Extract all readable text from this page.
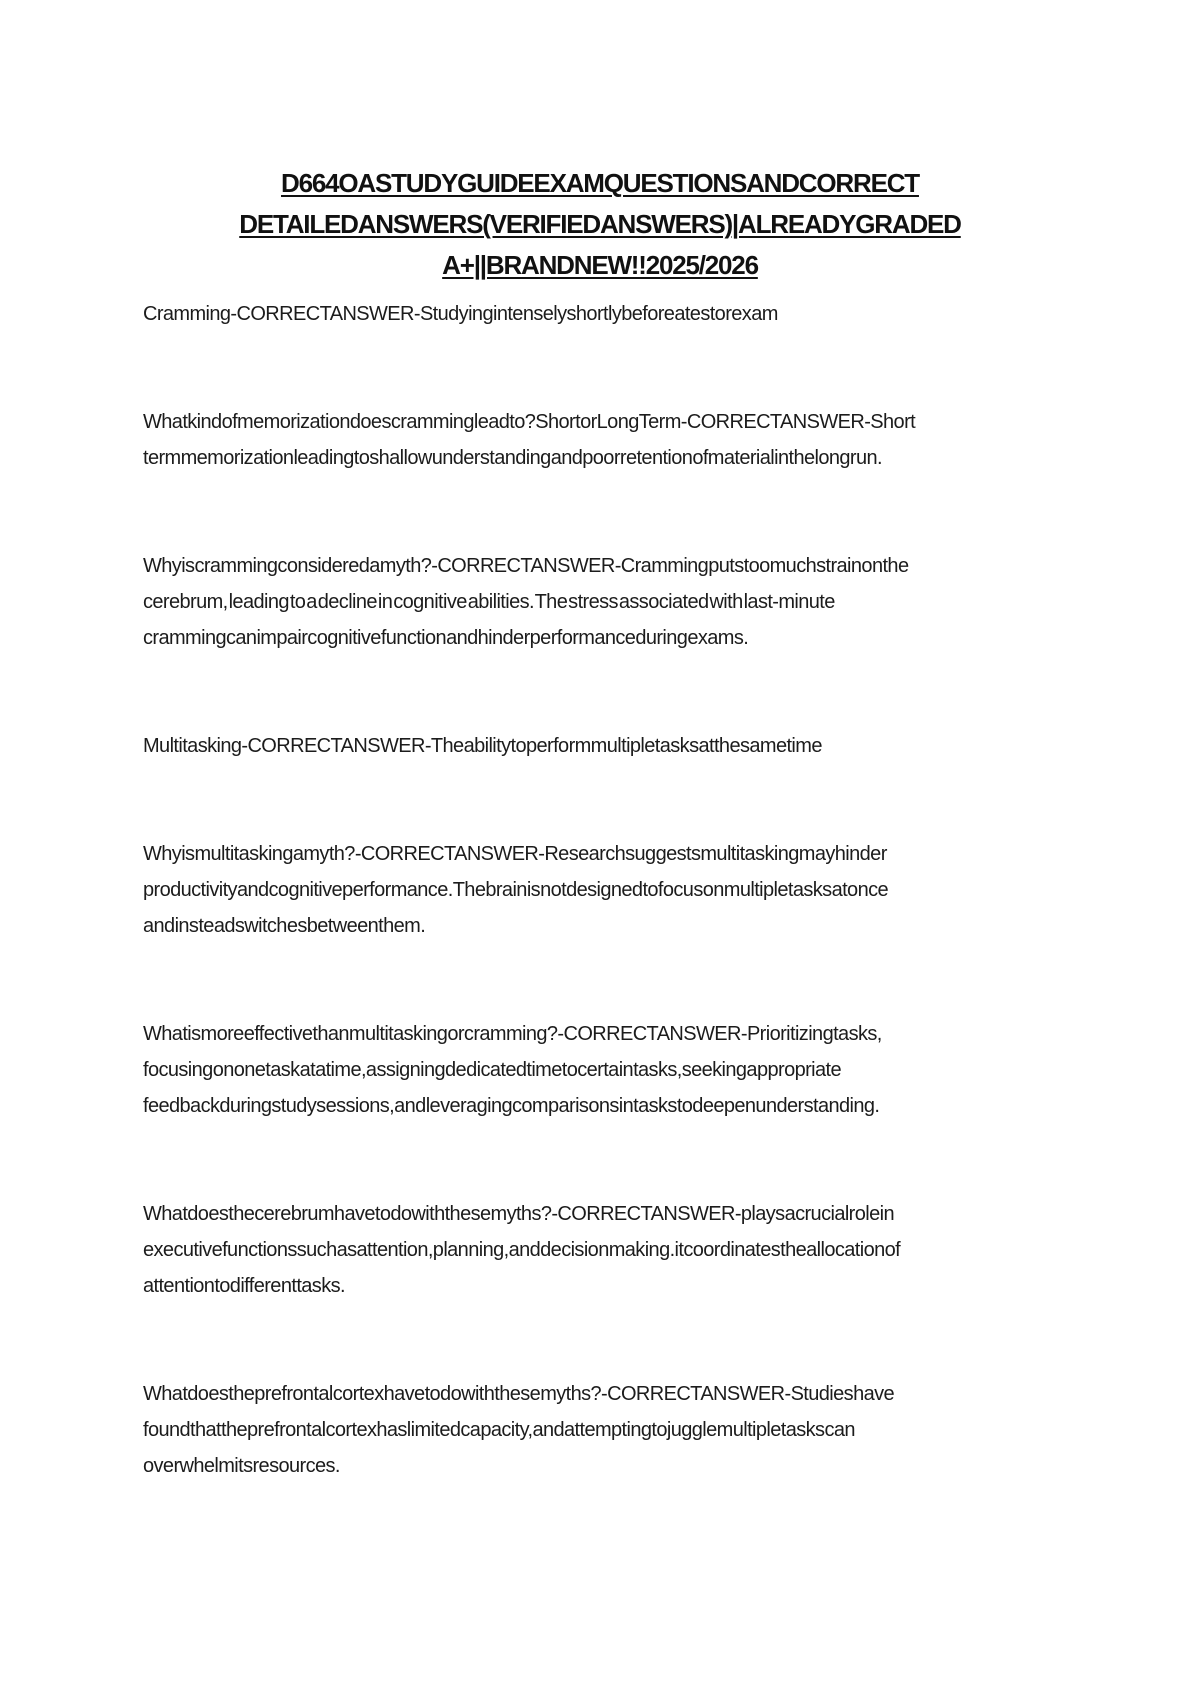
D664OASTUDYGUIDEEXAMQUESTIONSANDCORRECT
DETAILEDANSWERS(VERIFIEDANSWERS)|ALREADYGRADED
A+||BRANDNEW!!2025/2026
Cramming-CORRECTANSWER-Studyingintenselyshortlybeforeatestorexam
Whatkindofmemorizationdoescrammingleadto?ShortorLongTerm-CORRECTANSWER-Short
termmemorizationleadingtoshallowunderstandingandpoorretentionofmaterialinthelongrun.
Whyiscrammingconsideredamyth?-CORRECTANSWER-Crammingputstoomuchstrainonthe
cerebrum, leading to a decline in cognitive abilities. The stress associated with last-minute
crammingcanimpaircognitivefunctionandhinderperformanceduringexams.
Multitasking-CORRECTANSWER-Theabilitytoperformmultipletasksatthesametime
Whyismultitaskingamyth?-CORRECTANSWER-Researchsuggestsmultitaskingmayhinder
productivityandcognitiveperformance.Thebrainisnotdesignedtofocusonmultipletasksatonce
andinsteadswitchesbetweenthem.
Whatismoreeffectivethanmultitaskingorcramming?-CORRECTANSWER-Prioritizingtasks,
focusingononetaskatatime,assigningdedicatedtimetocertaintasks,seekingappropriate
feedbackduringstudysessions,andleveragingcomparisonsintaskstodeepenunderstanding.
Whatdoesthecerebrumhavetodowiththesemyths?-CORRECTANSWER-playsacrucialrolein
executivefunctionssuchasattention,planning,anddecisionmaking.itcoordinatestheallocationof
attentiontodifferenttasks.
Whatdoestheprefrontalcortexhavetodowiththesemyths?-CORRECTANSWER-Studieshave
foundthattheprefrontalcortexhaslimitedcapacity,andattemptingtojugglemultipletaskscan
overwhelmitsresources.
